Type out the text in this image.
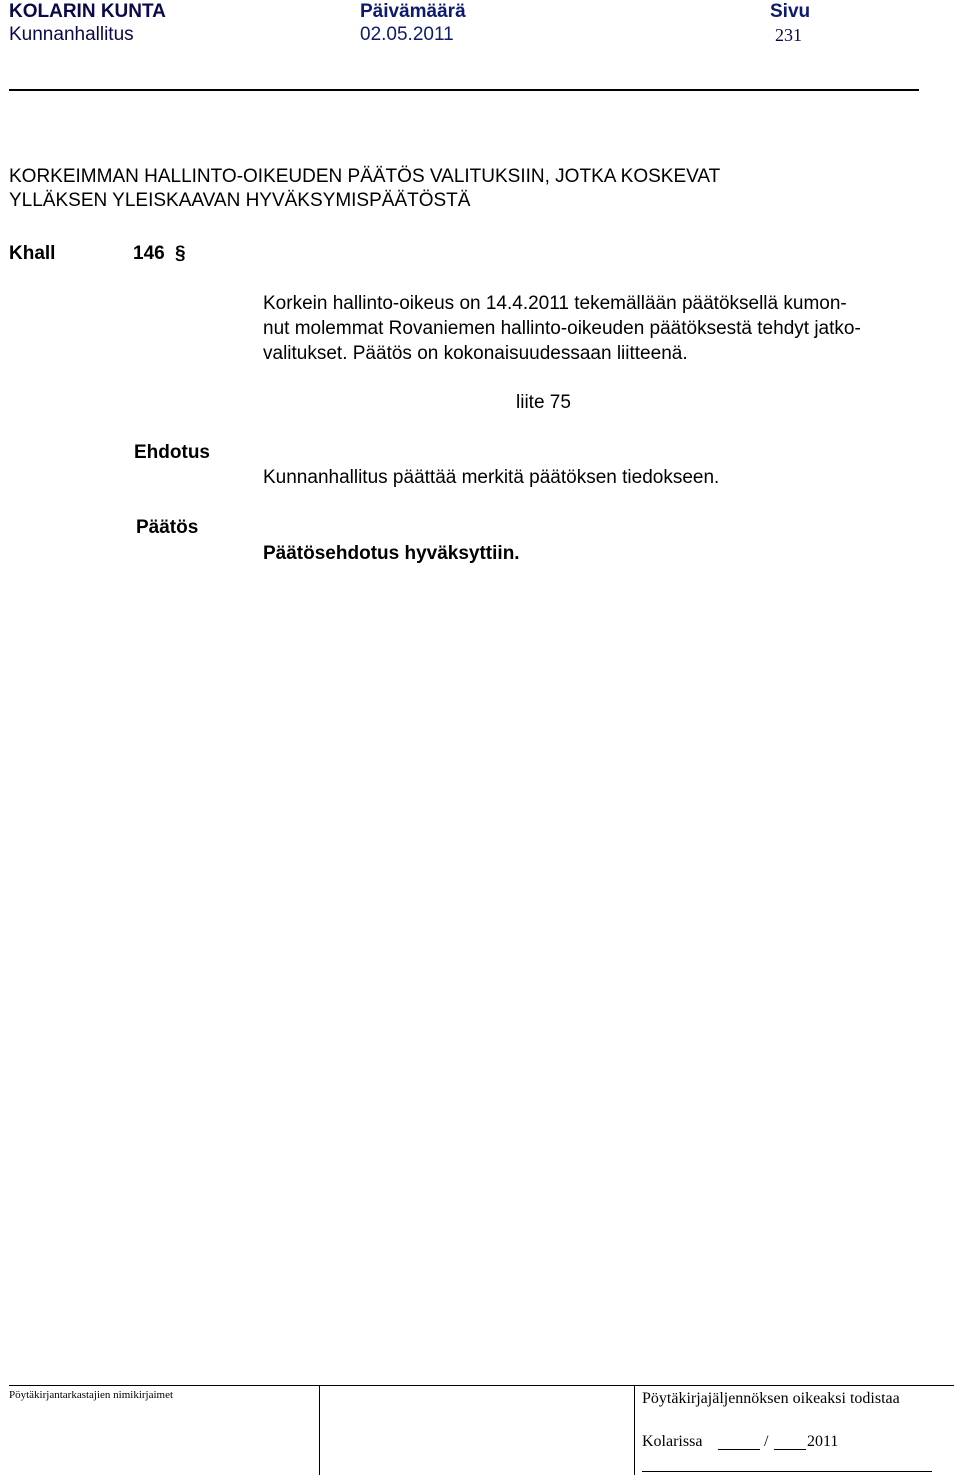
KOLARIN KUNTA
Kunnanhallitus
Päivämäärä
02.05.2011
Sivu
231
KORKEIMMAN HALLINTO-OIKEUDEN PÄÄTÖS VALITUKSIIN, JOTKA KOSKEVAT
YLLÄKSEN YLEISKAAVAN HYVÄKSYMISPÄÄTÖSTÄ
Khall	146 §
Korkein hallinto-oikeus on 14.4.2011 tekemällään päätöksellä kumon-
nut molemmat Rovaniemen hallinto-oikeuden päätöksestä tehdyt jatko-
valitukset. Päätös on kokonaisuudessaan liitteenä.
liite 75
Ehdotus
Kunnanhallitus päättää merkitä päätöksen tiedokseen.
Päätös
Päätösehdotus hyväksyttiin.
Pöytäkirjantarkastajien nimikirjaimet	Pöytäkirjajäljennöksen oikeaksi todistaa
Kolarissa	/ 2011
